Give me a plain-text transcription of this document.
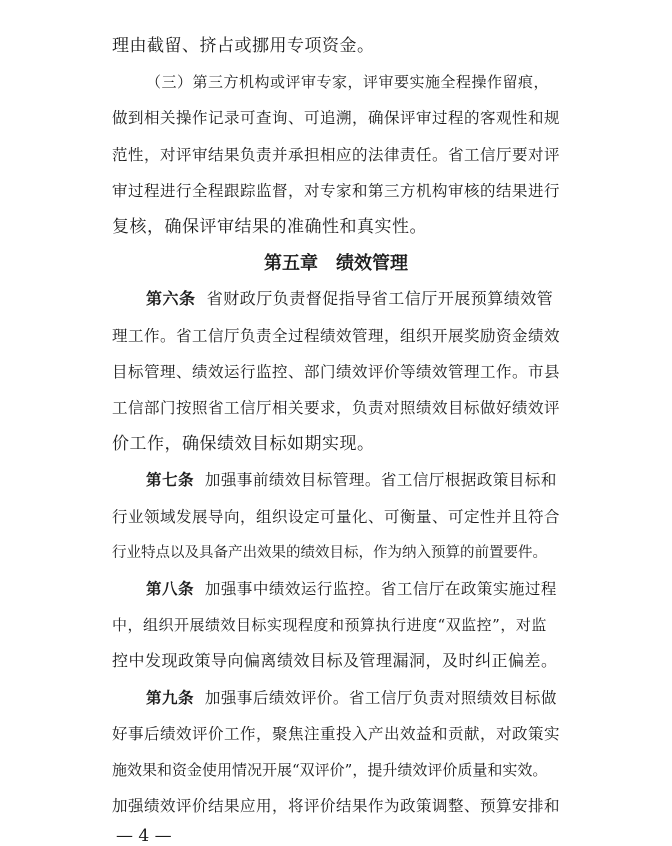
理由截留、挤占或挪用专项资金。
（三）第三方机构或评审专家，评审要实施全程操作留痕，
做到相关操作记录可查询、可追溯，确保评审过程的客观性和规
范性，对评审结果负责并承担相应的法律责任。省工信厅要对评
审过程进行全程跟踪监督，对专家和第三方机构审核的结果进行
复核，确保评审结果的准确性和真实性。
第五章 绩效管理
第六条 省财政厅负责督促指导省工信厅开展预算绩效管
理工作。省工信厅负责全过程绩效管理，组织开展奖励资金绩效
目标管理、绩效运行监控、部门绩效评价等绩效管理工作。市县
工信部门按照省工信厅相关要求，负责对照绩效目标做好绩效评
价工作，确保绩效目标如期实现。
第七条 加强事前绩效目标管理。省工信厅根据政策目标和
行业领域发展导向，组织设定可量化、可衡量、可定性并且符合
行业特点以及具备产出效果的绩效目标，作为纳入预算的前置要件。
第八条 加强事中绩效运行监控。省工信厅在政策实施过程
中，组织开展绩效目标实现程度和预算执行进度“双监控”，对监
控中发现政策导向偏离绩效目标及管理漏洞，及时纠正偏差。
第九条 加强事后绩效评价。省工信厅负责对照绩效目标做
好事后绩效评价工作，聚焦注重投入产出效益和贡献，对政策实
施效果和资金使用情况开展“双评价”，提升绩效评价质量和实效。
加强绩效评价结果应用，将评价结果作为政策调整、预算安排和
— 4 —
